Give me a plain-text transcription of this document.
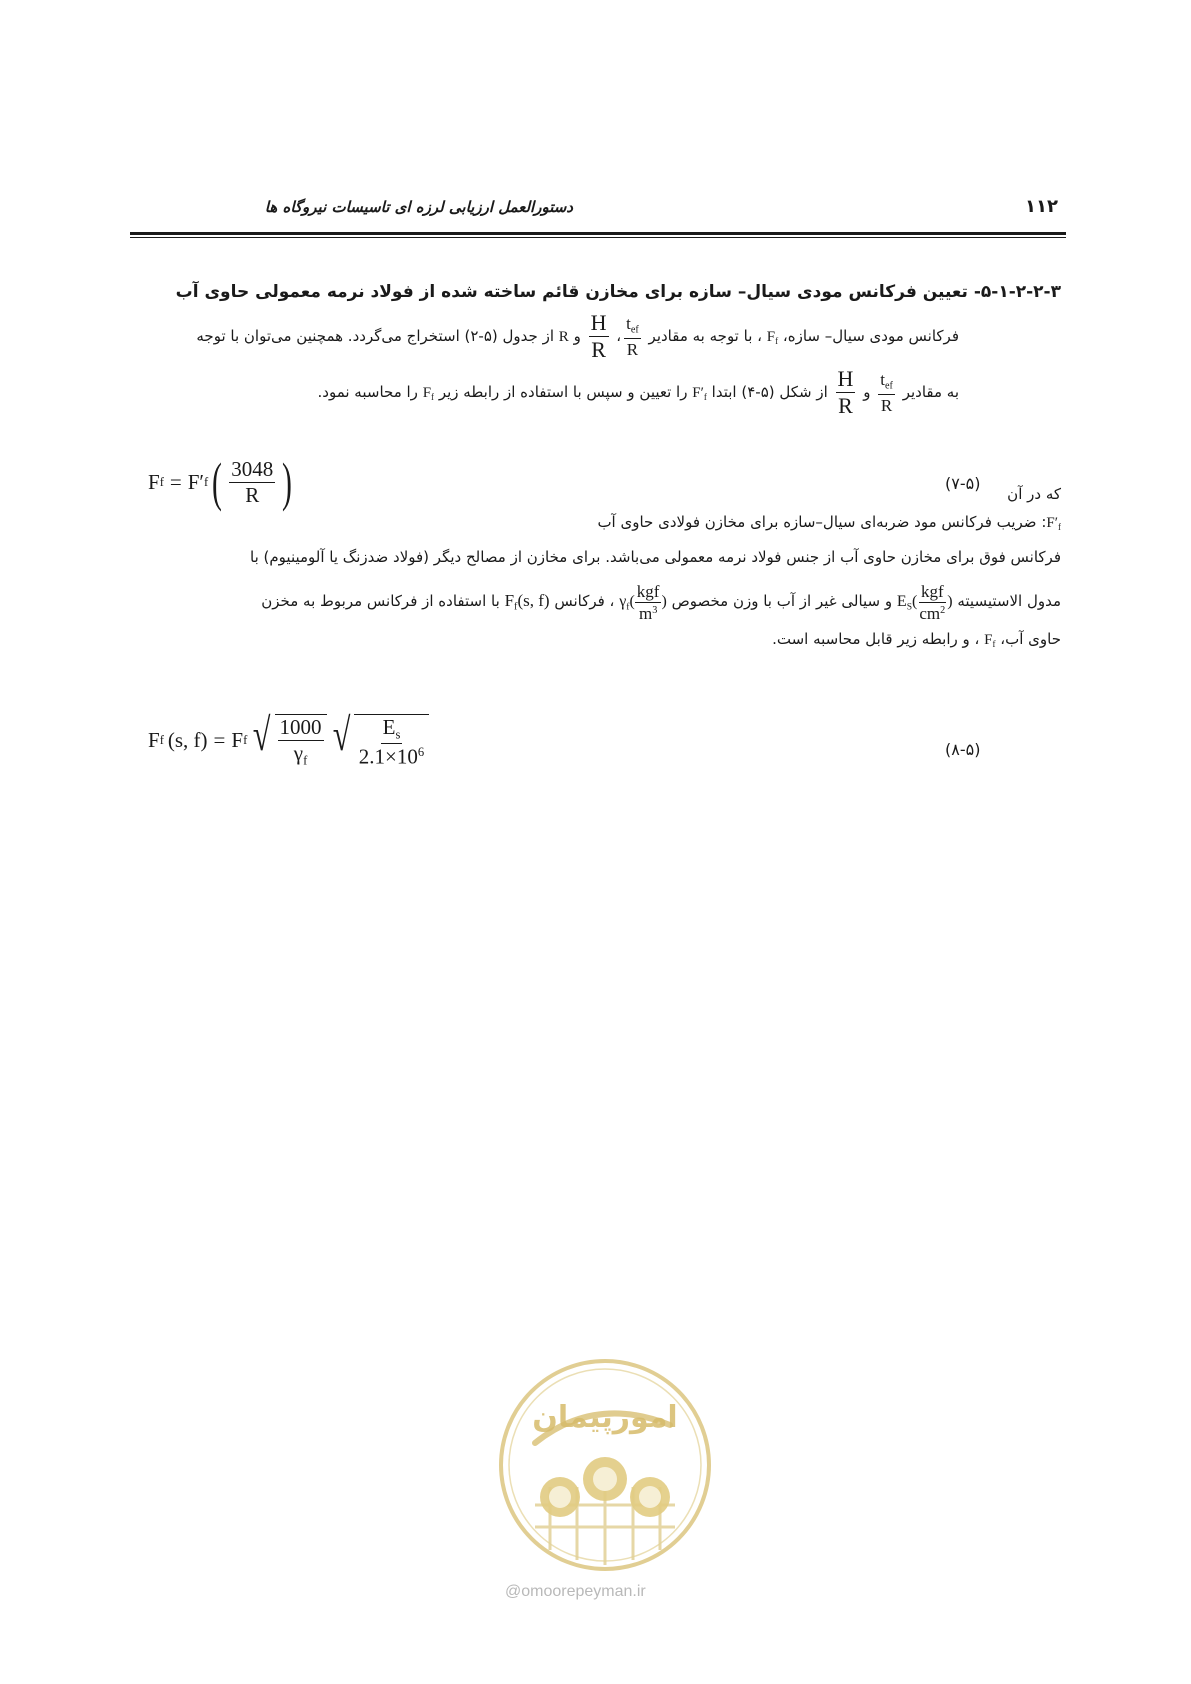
دستورالعمل ارزیابی لرزه ای تاسیسات نیروگاه ها	۱۱۲
۵-۱-۲-۲-۳- تعیین فرکانس مودی سیال– سازه برای مخازن قائم ساخته شده از فولاد نرمه معمولی حاوی آب
فرکانس مودی سیال– سازه، $F_f$ ، با توجه به مقادیر
$\frac{t_{ef}}{R}$
،
$\frac{H}{R}$
و R از جدول (۵-۲) استخراج می‌گردد. همچنین می‌توان با توجه
به مقادیر
$\frac{t_{ef}}{R}$
و
$\frac{H}{R}$
از شکل (۵-۴) ابتدا $F'_f$ را تعیین و سپس با استفاده از رابطه زیر $F_f$ را محاسبه نمود.
F f = F′ f ( $\frac{3048}{R}$ )	(۷-۵)
که در آن
$F'_f$: ضریب فرکانس مود ضربه‌ای سیال–سازه برای مخازن فولادی حاوی آب
فرکانس فوق برای مخازن حاوی آب از جنس فولاد نرمه معمولی می‌باشد. برای مخازن از مصالح دیگر (فولاد ضدزنگ یا آلومینیوم) با
مدول الاستیسیته $E_S( \frac{\text{kgf}}{cm^2}$ ) و سیالی غیر از آب با وزن مخصوص $\gamma_f( \frac{\text{kgf}}{m^3}$ ) ، فرکانس $F_f(s$, f) با استفاده از فرکانس مربوط به مخزن
حاوی آب، $F_f$ ، و رابطه زیر قابل محاسبه است.
F f (s, f) = F f √ $\frac{1000}{\gamma_f}$ √ $\frac{E_s}{2.1\times 10^6}$	(۸-۵)
امورپیمان
@omoorepeyman.ir
